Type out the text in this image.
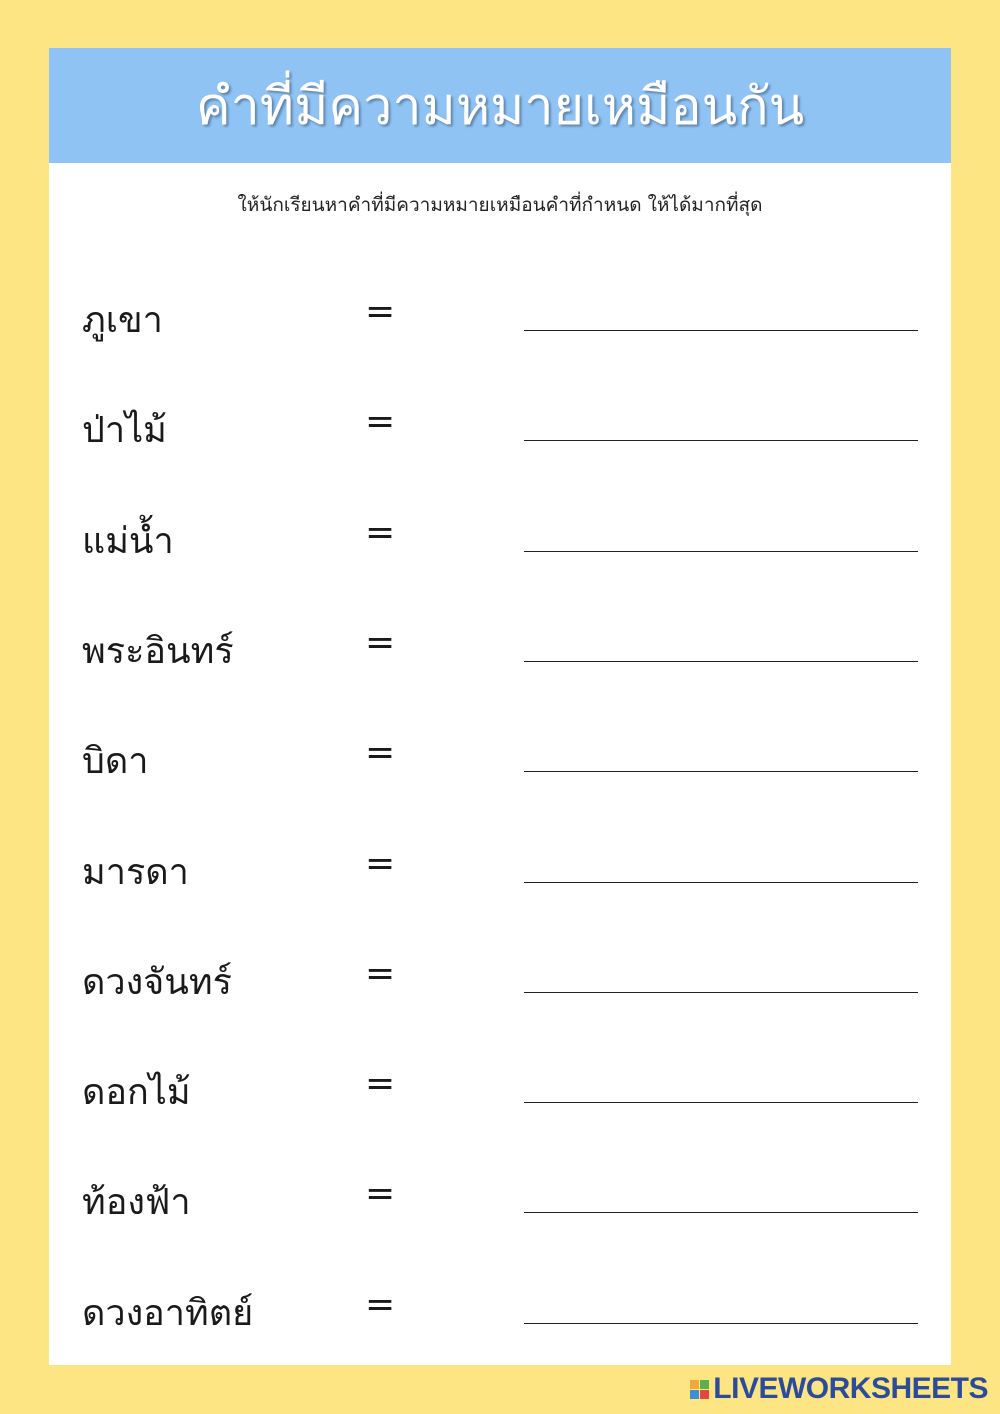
คำที่มีความหมายเหมือนกัน
ให้นักเรียนหาคำที่มีความหมายเหมือนคำที่กำหนด ให้ได้มากที่สุด
ภูเขา	=
ป่าไม้	=
แม่น้ำ	=
พระอินทร์	=
บิดา	=
มารดา	=
ดวงจันทร์	=
ดอกไม้	=
ท้องฟ้า	=
ดวงอาทิตย์	=
LIVEWORKSHEETS
